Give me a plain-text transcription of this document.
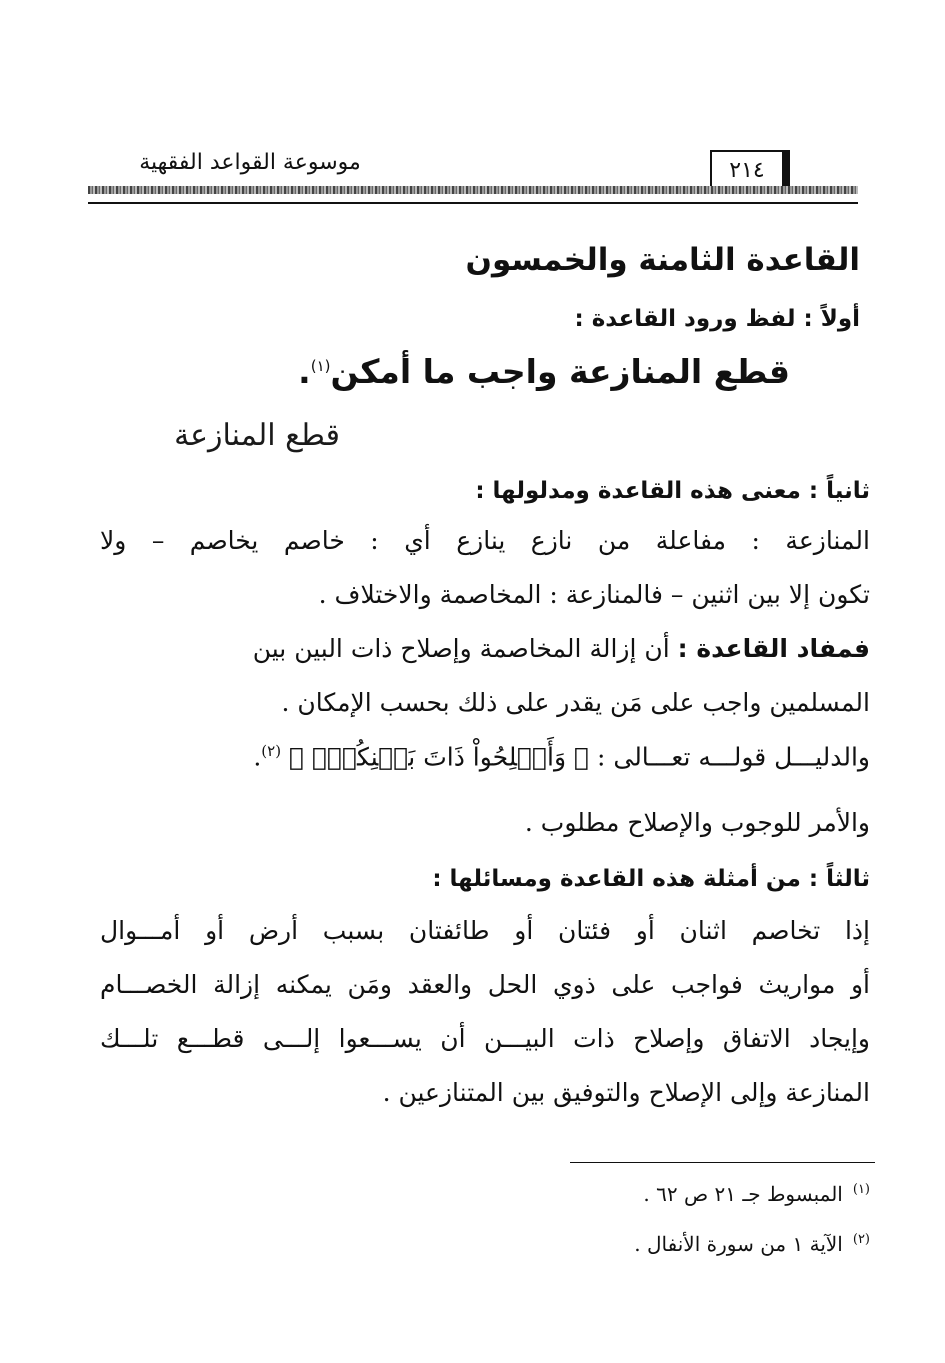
موسوعة القواعد الفقهية	٢١٤
القاعدة الثامنة والخمسون
أولاً : لفظ ورود القاعدة :
قطع المنازعة واجب ما أمكن$^{(١)}$.
قطع المنازعة
ثانياً : معنى هذه القاعدة ومدلولها :
المنازعة : مفاعلة من نازع ينازع أي : خاصم يخاصم – ولا
تكون إلا بين اثنين – فالمنازعة : المخاصمة والاختلاف .
فمفاد القاعدة : أن إزالة المخاصمة وإصلاح ذات البين بين
المسلمين واجب على مَن يقدر على ذلك بحسب الإمكان .
والدليـــل قولـــه تعـــالى : ﴿ وَأَصۡلِحُواْ ذَاتَ بَيۡنِكُمۡۖ ﴾ $^{(٢)}$.
والأمر للوجوب والإصلاح مطلوب .
ثالثاً : من أمثلة هذه القاعدة ومسائلها :
إذا تخاصم اثنان أو فئتان أو طائفتان بسبب أرض أو أمـــوال
أو مواريث فواجب على ذوي الحل والعقد ومَن يمكنه إزالة الخصـــام
وإيجاد الاتفاق وإصلاح ذات البيـــن أن يســـعوا إلـــى قطـــع تلـــك
المنازعة وإلى الإصلاح والتوفيق بين المتنازعين .
$^{(١)}$المبسوط جـ ٢١ ص ٦٢ .
$^{(٢)}$الآية ١ من سورة الأنفال .
